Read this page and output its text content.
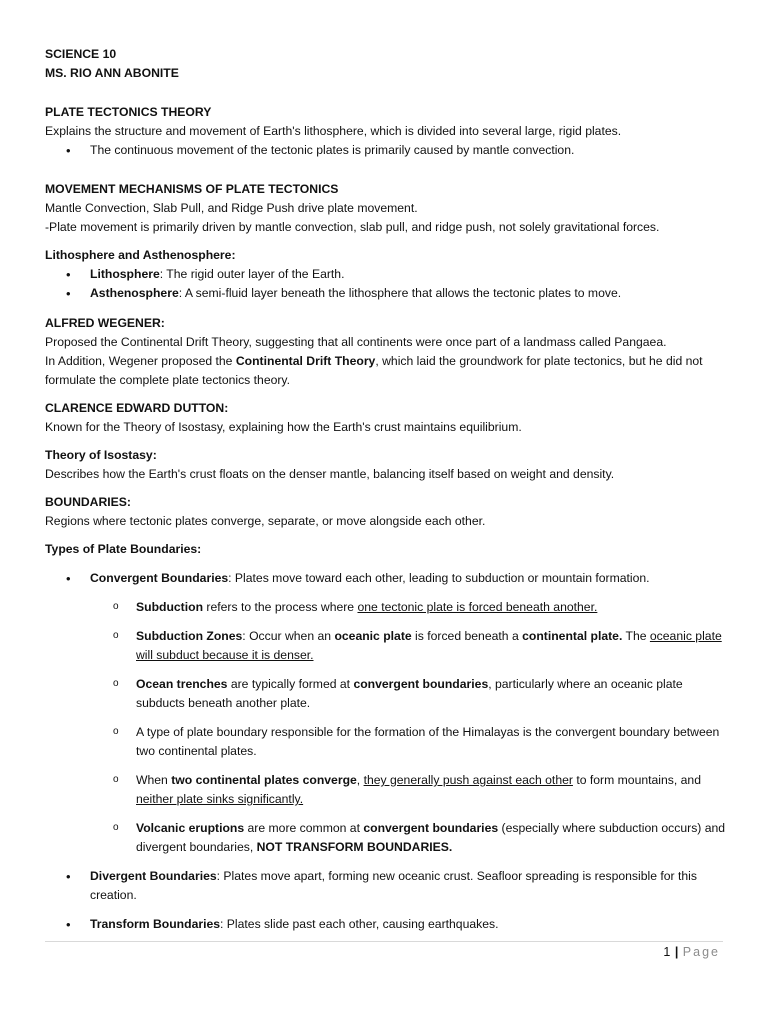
SCIENCE 10

MS. RIO ANN ABONITE

PLATE TECTONICS THEORY

Explains the structure and movement of Earth's lithosphere, which is divided into several large, rigid plates.

• The continuous movement of the tectonic plates is primarily caused by mantle convection.

MOVEMENT MECHANISMS OF PLATE TECTONICS

Mantle Convection, Slab Pull, and Ridge Push drive plate movement.

-Plate movement is primarily driven by mantle convection, slab pull, and ridge push, not solely gravitational forces.

Lithosphere and Asthenosphere:

• Lithosphere: The rigid outer layer of the Earth.
• Asthenosphere: A semi-fluid layer beneath the lithosphere that allows the tectonic plates to move.

ALFRED WEGENER:

Proposed the Continental Drift Theory, suggesting that all continents were once part of a landmass called Pangaea.

In Addition, Wegener proposed the Continental Drift Theory, which laid the groundwork for plate tectonics, but he did not formulate the complete plate tectonics theory.

CLARENCE EDWARD DUTTON:

Known for the Theory of Isostasy, explaining how the Earth's crust maintains equilibrium.

Theory of Isostasy:

Describes how the Earth's crust floats on the denser mantle, balancing itself based on weight and density.

BOUNDARIES:

Regions where tectonic plates converge, separate, or move alongside each other.

Types of Plate Boundaries:

• Convergent Boundaries: Plates move toward each other, leading to subduction or mountain formation.
o Subduction refers to the process where one tectonic plate is forced beneath another.
o Subduction Zones: Occur when an oceanic plate is forced beneath a continental plate. The oceanic plate will subduct because it is denser.
o Ocean trenches are typically formed at convergent boundaries, particularly where an oceanic plate subducts beneath another plate.
o A type of plate boundary responsible for the formation of the Himalayas is the convergent boundary between two continental plates.
o When two continental plates converge, they generally push against each other to form mountains, and neither plate sinks significantly.
o Volcanic eruptions are more common at convergent boundaries (especially where subduction occurs) and divergent boundaries, NOT TRANSFORM BOUNDARIES.
• Divergent Boundaries: Plates move apart, forming new oceanic crust. Seafloor spreading is responsible for this creation.
• Transform Boundaries: Plates slide past each other, causing earthquakes.
1 | Page
